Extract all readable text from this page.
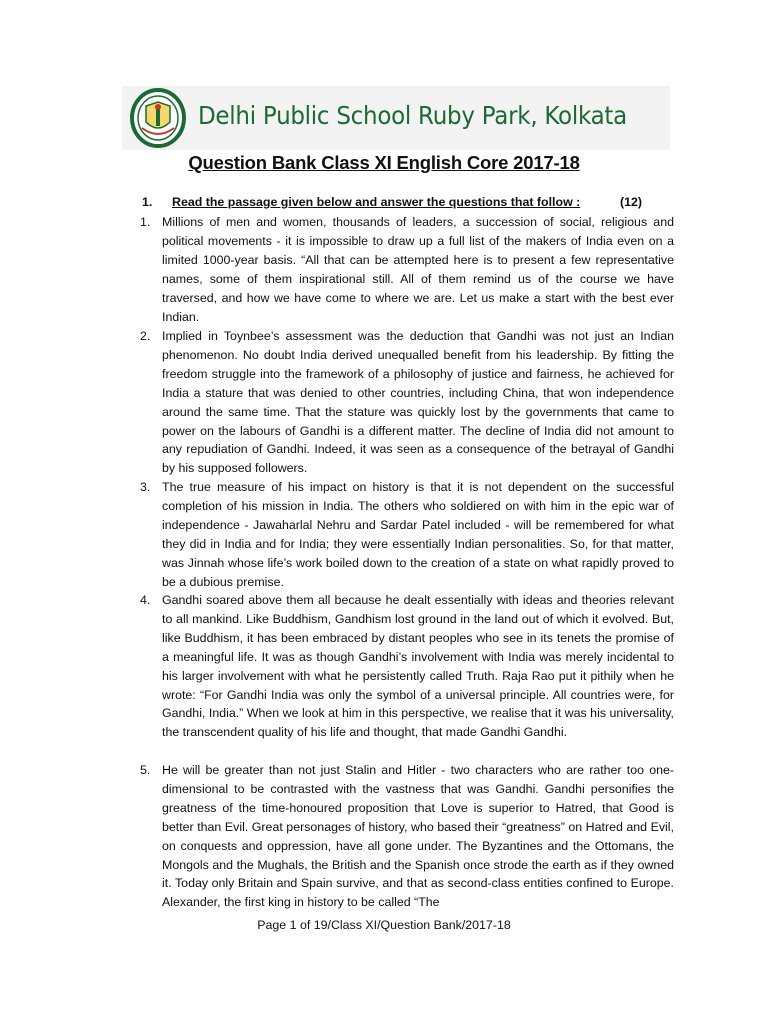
Delhi Public School Ruby Park, Kolkata
Question Bank Class XI English Core 2017-18
1. Read the passage given below and answer the questions that follow :	(12)
1. Millions of men and women, thousands of leaders, a succession of social, religious and political movements - it is impossible to draw up a full list of the makers of India even on a limited 1000-year basis. “All that can be attempted here is to present a few representative names, some of them inspirational still. All of them remind us of the course we have traversed, and how we have come to where we are. Let us make a start with the best ever Indian.
2. Implied in Toynbee’s assessment was the deduction that Gandhi was not just an Indian phenomenon. No doubt India derived unequalled benefit from his leadership. By fitting the freedom struggle into the framework of a philosophy of justice and fairness, he achieved for India a stature that was denied to other countries, including China, that won independence around the same time. That the stature was quickly lost by the governments that came to power on the labours of Gandhi is a different matter. The decline of India did not amount to any repudiation of Gandhi. Indeed, it was seen as a consequence of the betrayal of Gandhi by his supposed followers.
3. The true measure of his impact on history is that it is not dependent on the successful completion of his mission in India. The others who soldiered on with him in the epic war of independence - Jawaharlal Nehru and Sardar Patel included - will be remembered for what they did in India and for India; they were essentially Indian personalities. So, for that matter, was Jinnah whose life’s work boiled down to the creation of a state on what rapidly proved to be a dubious premise.
4. Gandhi soared above them all because he dealt essentially with ideas and theories relevant to all mankind. Like Buddhism, Gandhism lost ground in the land out of which it evolved. But, like Buddhism, it has been embraced by distant peoples who see in its tenets the promise of a meaningful life. It was as though Gandhi’s involvement with India was merely incidental to his larger involvement with what he persistently called Truth. Raja Rao put it pithily when he wrote: “For Gandhi India was only the symbol of a universal principle. All countries were, for Gandhi, India.” When we look at him in this perspective, we realise that it was his universality, the transcendent quality of his life and thought, that made Gandhi Gandhi.
5. He will be greater than not just Stalin and Hitler - two characters who are rather too one-dimensional to be contrasted with the vastness that was Gandhi. Gandhi personifies the greatness of the time-honoured proposition that Love is superior to Hatred, that Good is better than Evil. Great personages of history, who based their “greatness” on Hatred and Evil, on conquests and oppression, have all gone under. The Byzantines and the Ottomans, the Mongols and the Mughals, the British and the Spanish once strode the earth as if they owned it. Today only Britain and Spain survive, and that as second-class entities confined to Europe. Alexander, the first king in history to be called “The
Page 1 of 19/Class XI/Question Bank/2017-18
